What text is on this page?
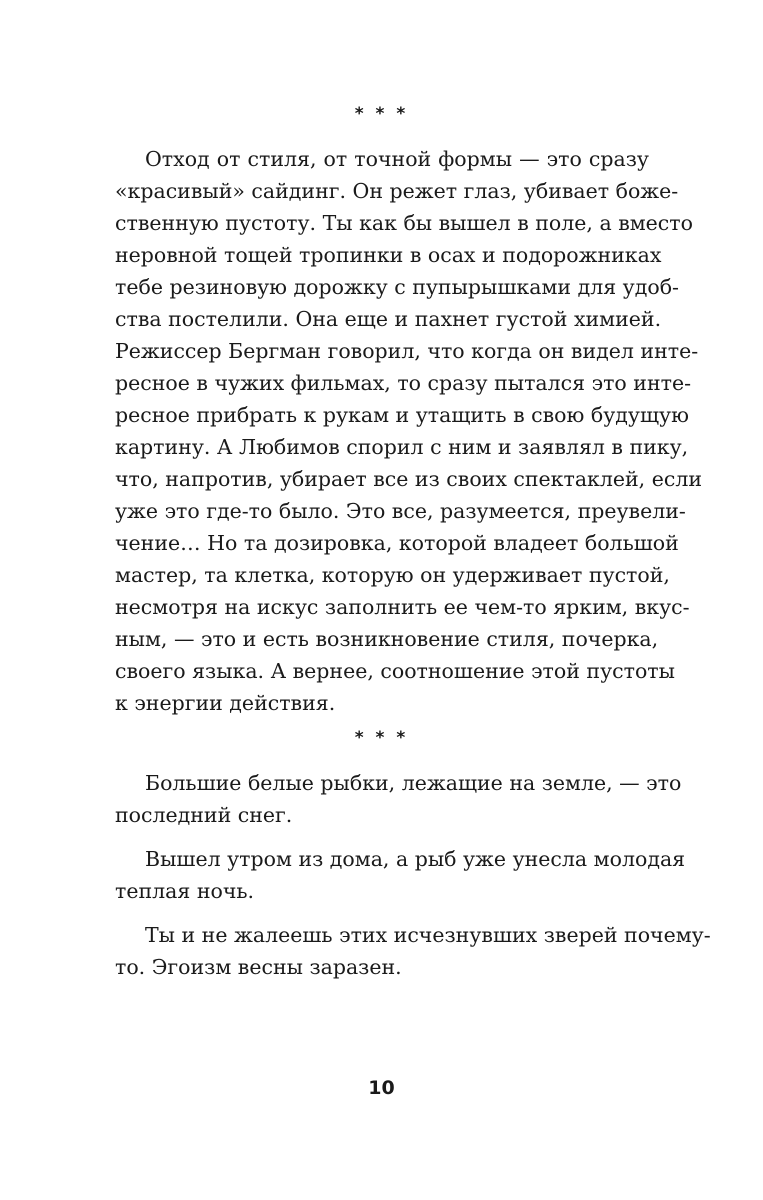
* * *
Отход от стиля, от точной формы — это сразу
«красивый» сайдинг. Он режет глаз, убивает боже-
ственную пустоту. Ты как бы вышел в поле, а вместо
неровной тощей тропинки в осах и подорожниках
тебе резиновую дорожку с пупырышками для удоб-
ства постелили. Она еще и пахнет густой химией.
Режиссер Бергман говорил, что когда он видел инте-
ресное в чужих фильмах, то сразу пытался это инте-
ресное прибрать к рукам и утащить в свою будущую
картину. А Любимов спорил с ним и заявлял в пику,
что, напротив, убирает все из своих спектаклей, если
уже это где-то было. Это все, разумеется, преувели-
чение… Но та дозировка, которой владеет большой
мастер, та клетка, которую он удерживает пустой,
несмотря на искус заполнить ее чем-то ярким, вкус-
ным, — это и есть возникновение стиля, почерка,
своего языка. А вернее, соотношение этой пустоты
к энергии действия.
* * *
Большие белые рыбки, лежащие на земле, — это
последний снег.
Вышел утром из дома, а рыб уже унесла молодая
теплая ночь.
Ты и не жалеешь этих исчезнувших зверей почему-
то. Эгоизм весны заразен.
10
